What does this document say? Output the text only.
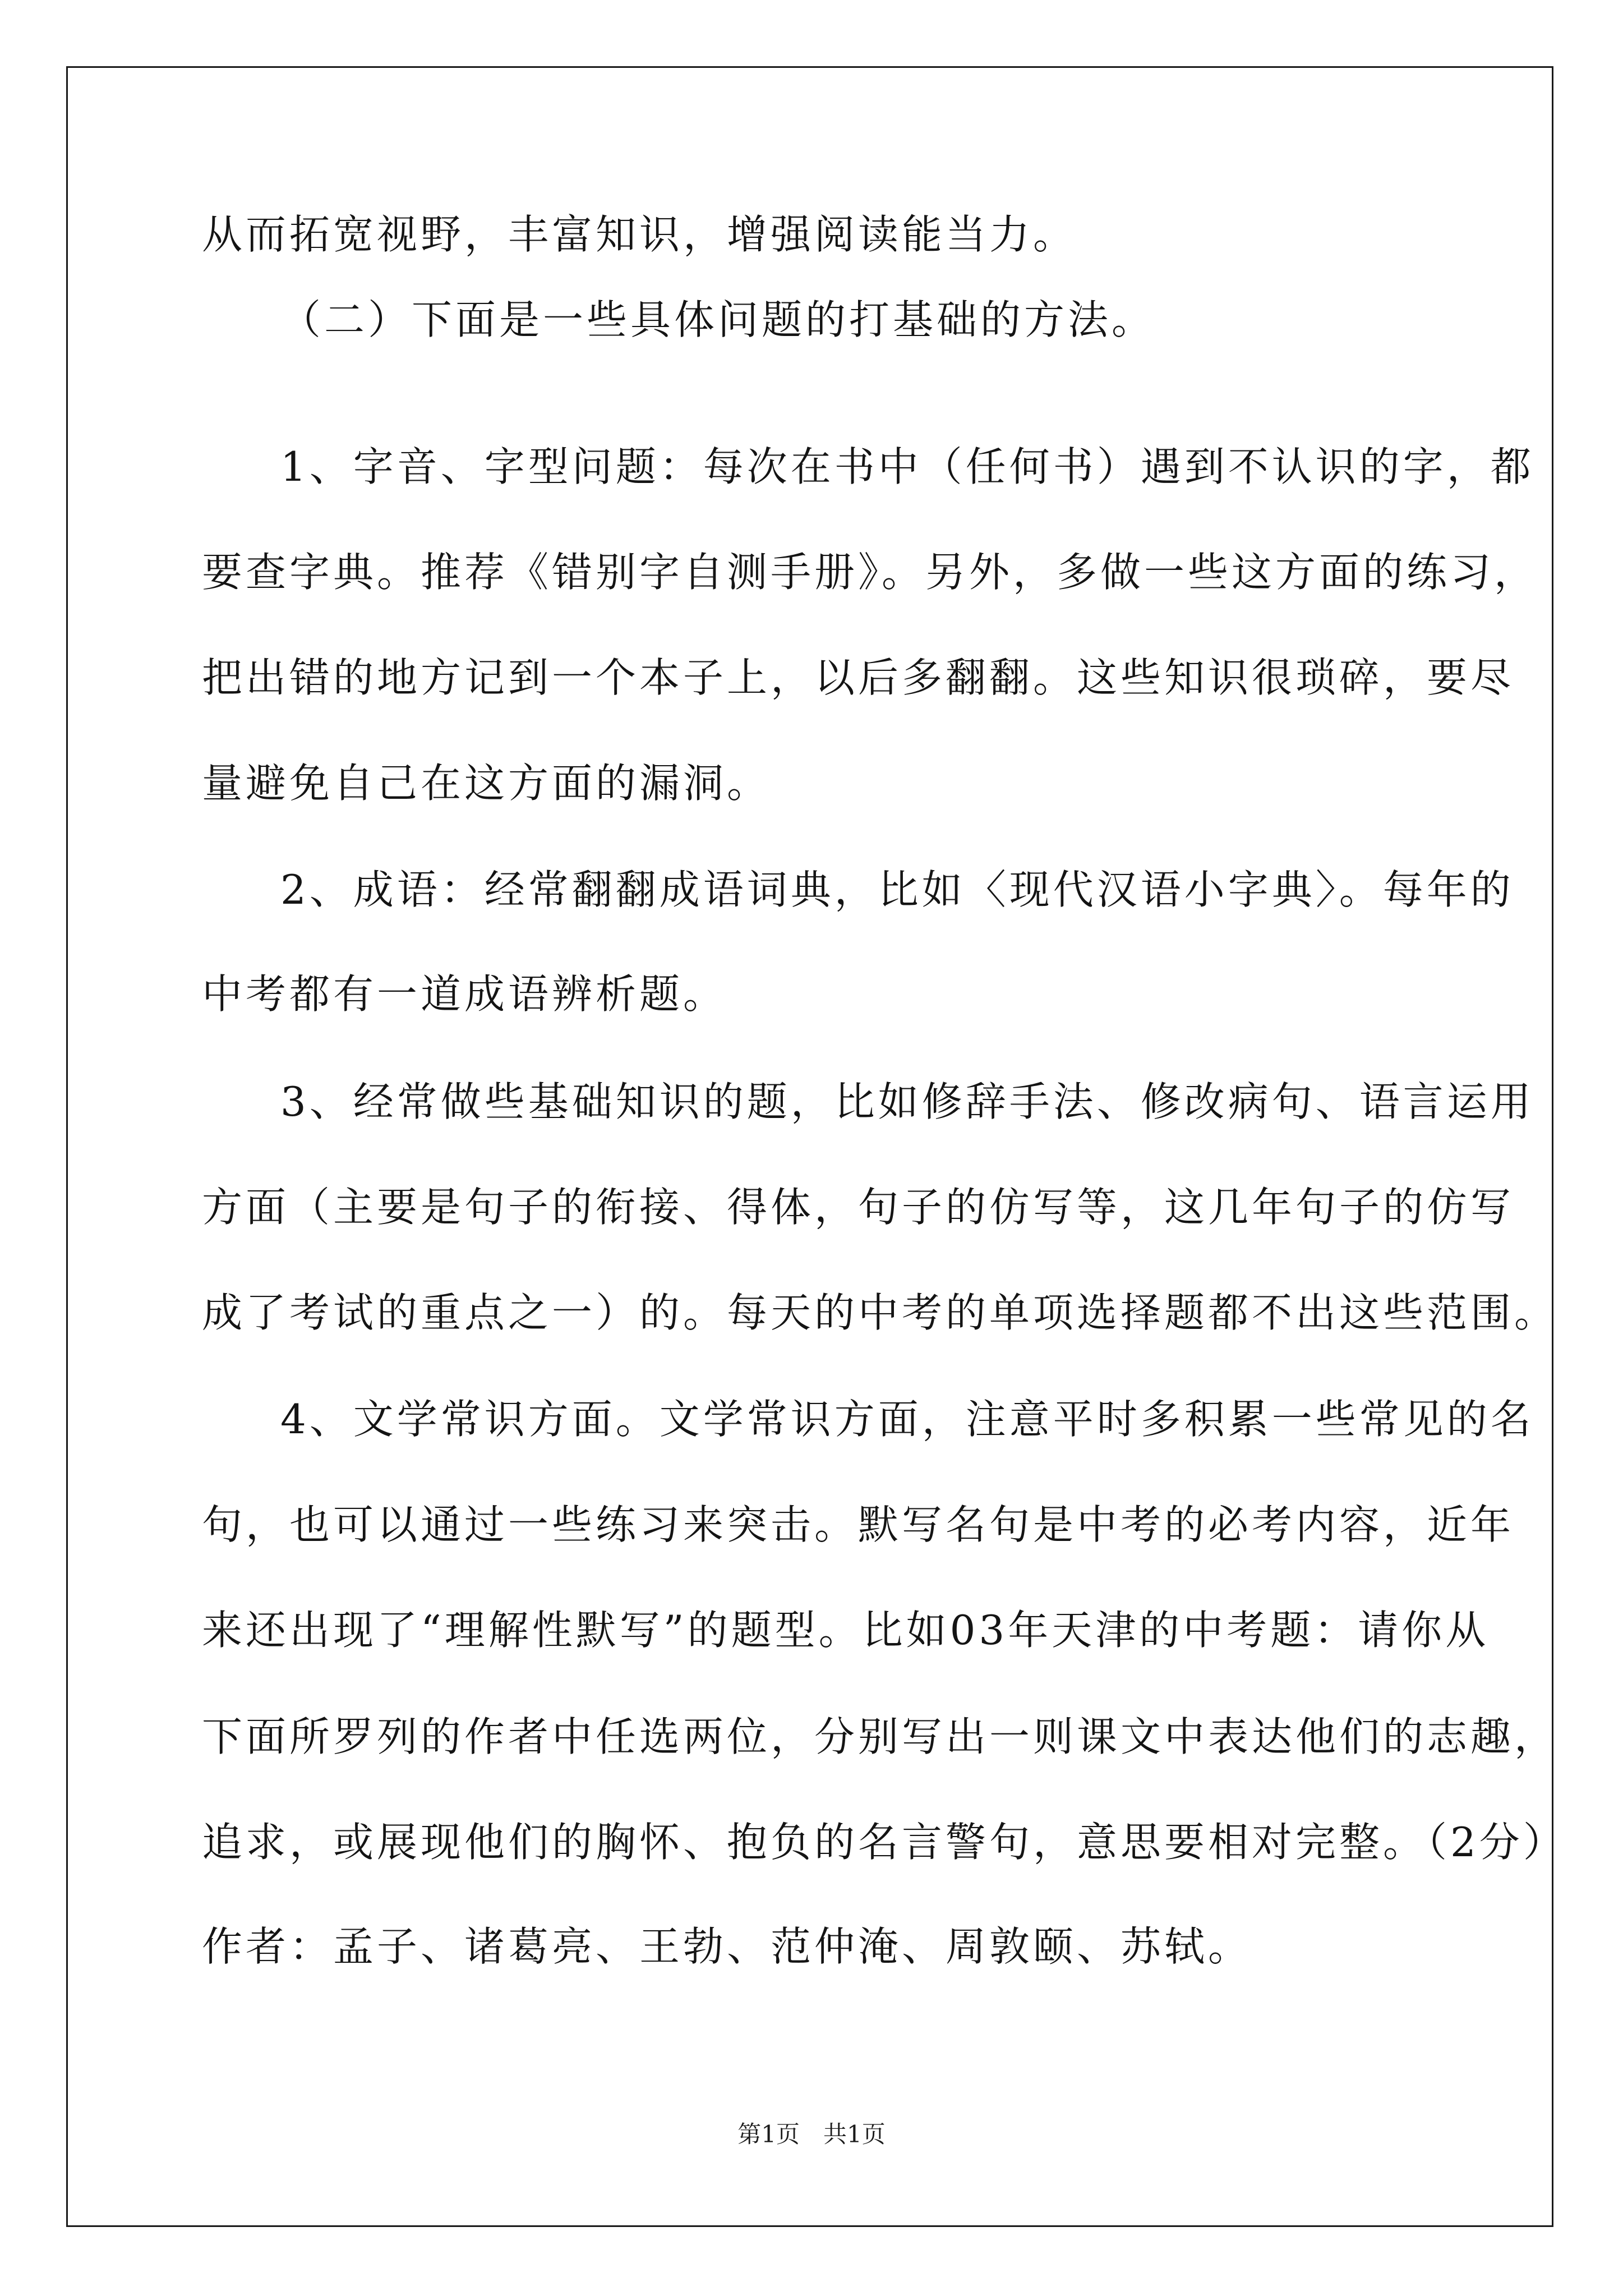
从而拓宽视野，丰富知识，增强阅读能当力。
（二）下面是一些具体问题的打基础的方法。
1、字音、字型问题：每次在书中（任何书）遇到不认识的字，都
要查字典。推荐《错别字自测手册》。另外，多做一些这方面的练习，
把出错的地方记到一个本子上，以后多翻翻。这些知识很琐碎，要尽
量避免自己在这方面的漏洞。
2、成语：经常翻翻成语词典，比如〈现代汉语小字典〉。每年的
中考都有一道成语辨析题。
3、经常做些基础知识的题，比如修辞手法、修改病句、语言运用
方面（主要是句子的衔接、得体，句子的仿写等，这几年句子的仿写
成了考试的重点之一）的。每天的中考的单项选择题都不出这些范围。
4、文学常识方面。文学常识方面，注意平时多积累一些常见的名
句，也可以通过一些练习来突击。默写名句是中考的必考内容，近年
来还出现了“理解性默写”的题型。比如03年天津的中考题：请你从
下面所罗列的作者中任选两位，分别写出一则课文中表达他们的志趣，
追求，或展现他们的胸怀、抱负的名言警句，意思要相对完整。（2分）
作者：孟子、诸葛亮、王勃、范仲淹、周敦颐、苏轼。
第1页　共1页
